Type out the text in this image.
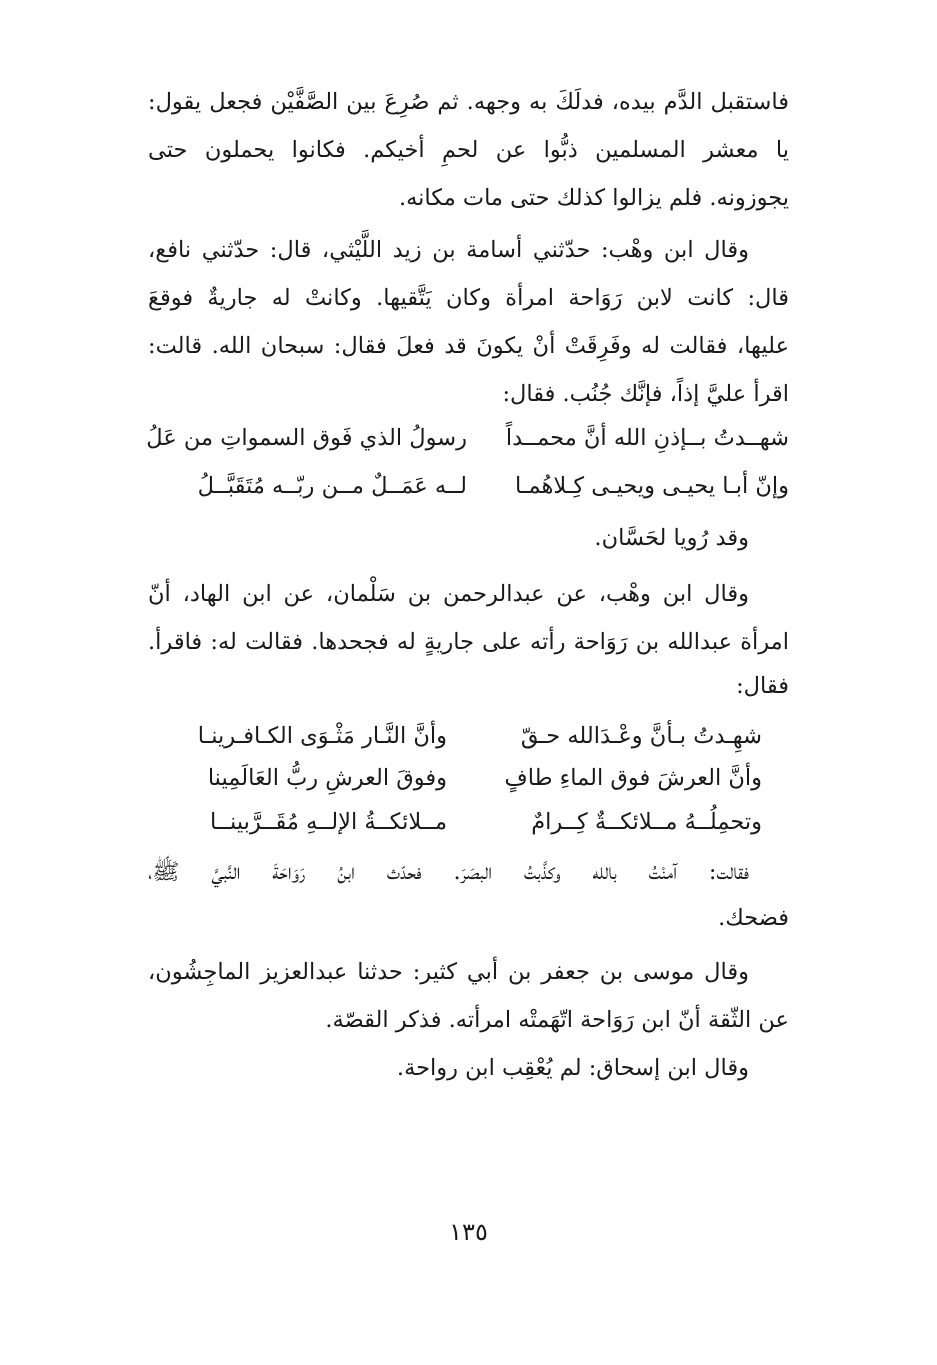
فاستقبل الدَّم بيده، فدلَكَ به وجهه. ثم صُرِعَ بين الصَّفَّيْن فجعل يقول:
يا معشر المسلمين ذبُّوا عن لحمِ أخيكم. فكانوا يحملون حتى
يجوزونه. فلم يزالوا كذلك حتى مات مكانه.
وقال ابن وهْب: حدّثني أسامة بن زيد اللَّيْثي، قال: حدّثني نافع،
قال: كانت لابن رَوَاحة امرأة وكان يَتَّقيها. وكانتْ له جاريةٌ فوقعَ
عليها، فقالت له وفَرِقَتْ أنْ يكونَ قد فعلَ فقال: سبحان الله. قالت:
اقرأ عليَّ إذاً، فإنَّك جُنُب. فقال:
شهــدتُ بــإذنِ الله أنَّ محمــداً
رسولُ الذي فَوق السمواتِ من عَلُ
وإنّ أبـا يحيـى ويحيـى كِـلاهُمـا
لــه عَمَــلٌ مــن ربّــه مُتَقَبَّــلُ
وقد رُويا لحَسَّان.
وقال ابن وهْب، عن عبدالرحمن بن سَلْمان، عن ابن الهاد، أنّ
امرأة عبدالله بن رَوَاحة رأته على جاريةٍ له فجحدها. فقالت له: فاقرأ.
فقال:
شهِـدتُ بـأنَّ وعْـدَالله حـقّ
وأنَّ النَّـار مَثْـوَى الكـافـرينـا
وأنَّ العرشَ فوق الماءِ طافٍ
وفوقَ العرشِ ربُّ العَالَمِينا
وتحمِلُــهُ مــلائكــةٌ كِــرامٌ
مــلائكــةُ الإلــهِ مُقَــرَّبينــا
فقالت: آمنْتُ بالله وكذَّبتُ البصَرَ. فحدّث ابنُ رَوَاحَةَ النَّبيَّ ﷺ،
فضحك.
وقال موسى بن جعفر بن أبي كثير: حدثنا عبدالعزيز الماجِشُون،
عن الثّقة أنّ ابن رَوَاحة اتّهَمتْه امرأته. فذكر القصّة.
وقال ابن إسحاق: لم يُعْقِب ابن رواحة.
١٣٥
